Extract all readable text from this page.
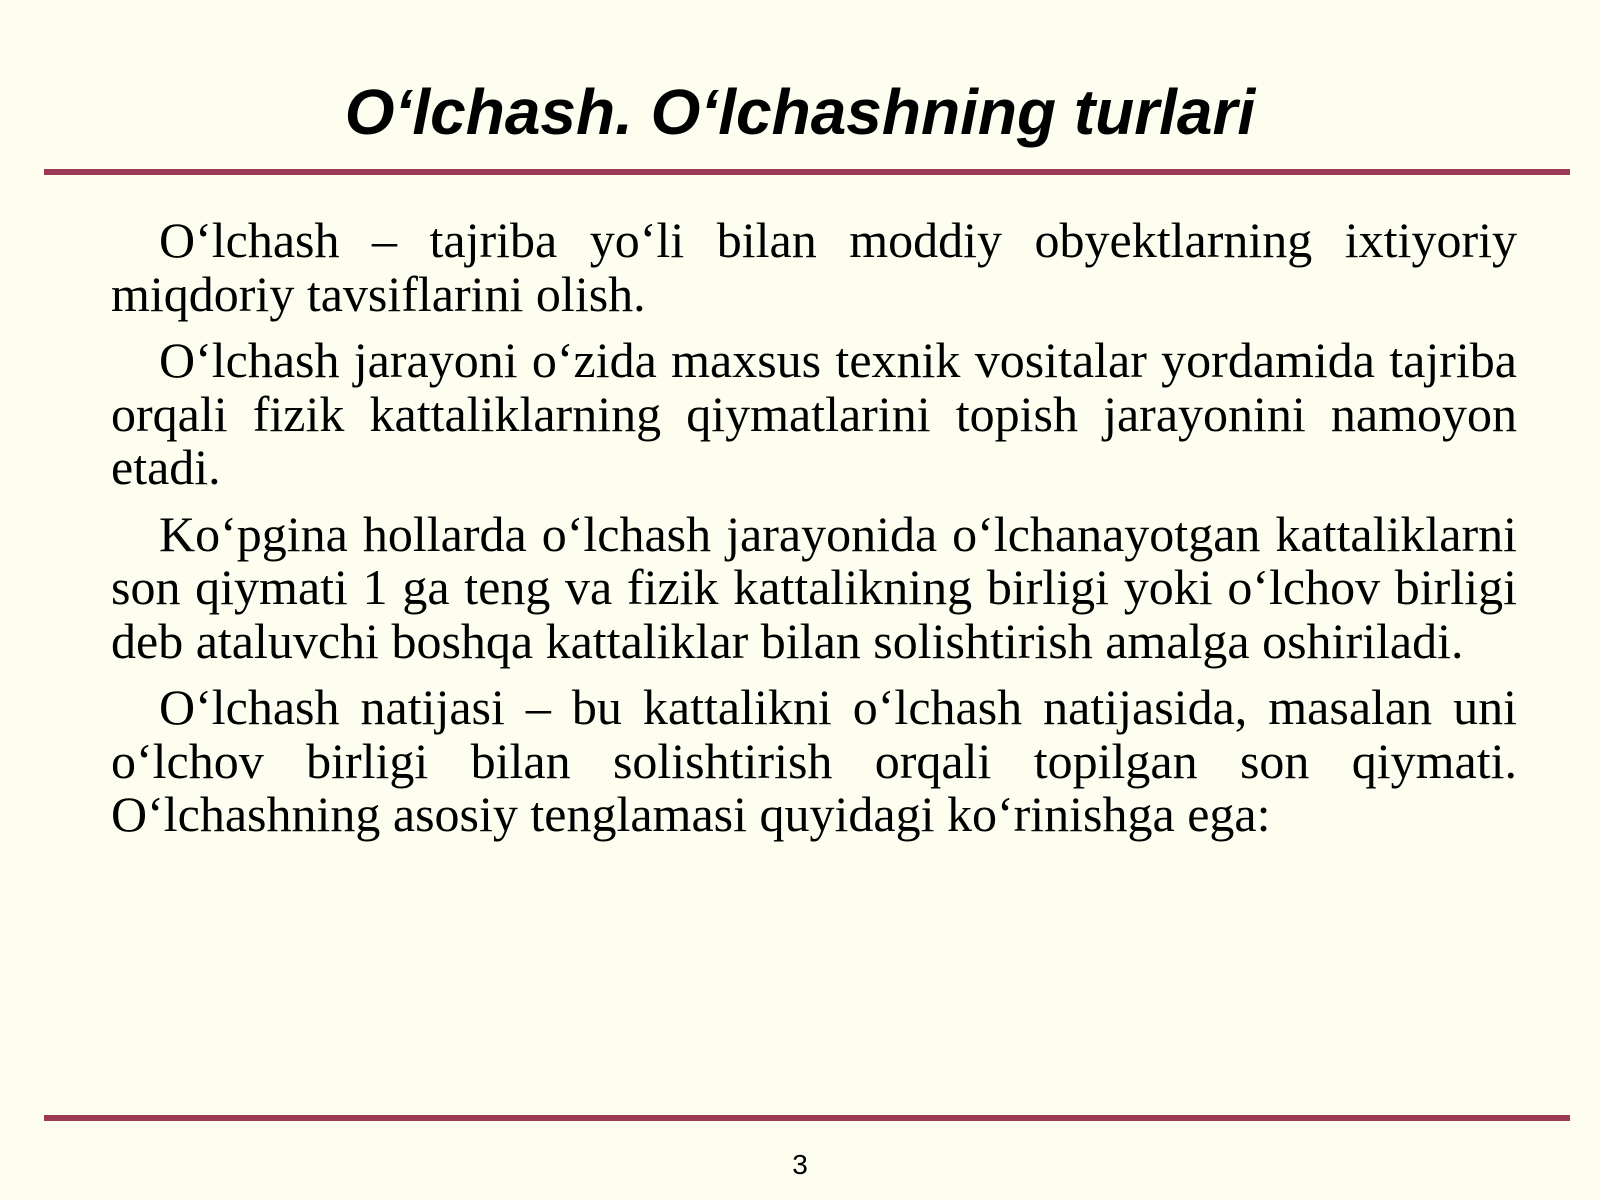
O‘lchash. O‘lchashning turlari

O‘lchash – tajriba yo‘li bilan moddiy obyektlarning ixtiyoriy miqdoriy tavsiflarini olish.

O‘lchash jarayoni o‘zida maxsus texnik vositalar yordamida tajriba orqali fizik kattaliklarning qiymatlarini topish jarayonini namoyon etadi.

Ko‘pgina hollarda o‘lchash jarayonida o‘lchanayotgan kattaliklarni son qiymati 1 ga teng va fizik kattalikning birligi yoki o‘lchov birligi deb ataluvchi boshqa kattaliklar bilan solishtirish amalga oshiriladi.

O‘lchash natijasi – bu kattalikni o‘lchash natijasida, masalan uni o‘lchov birligi bilan solishtirish orqali topilgan son qiymati. O‘lchashning asosiy tenglamasi quyidagi ko‘rinishga ega:

3
